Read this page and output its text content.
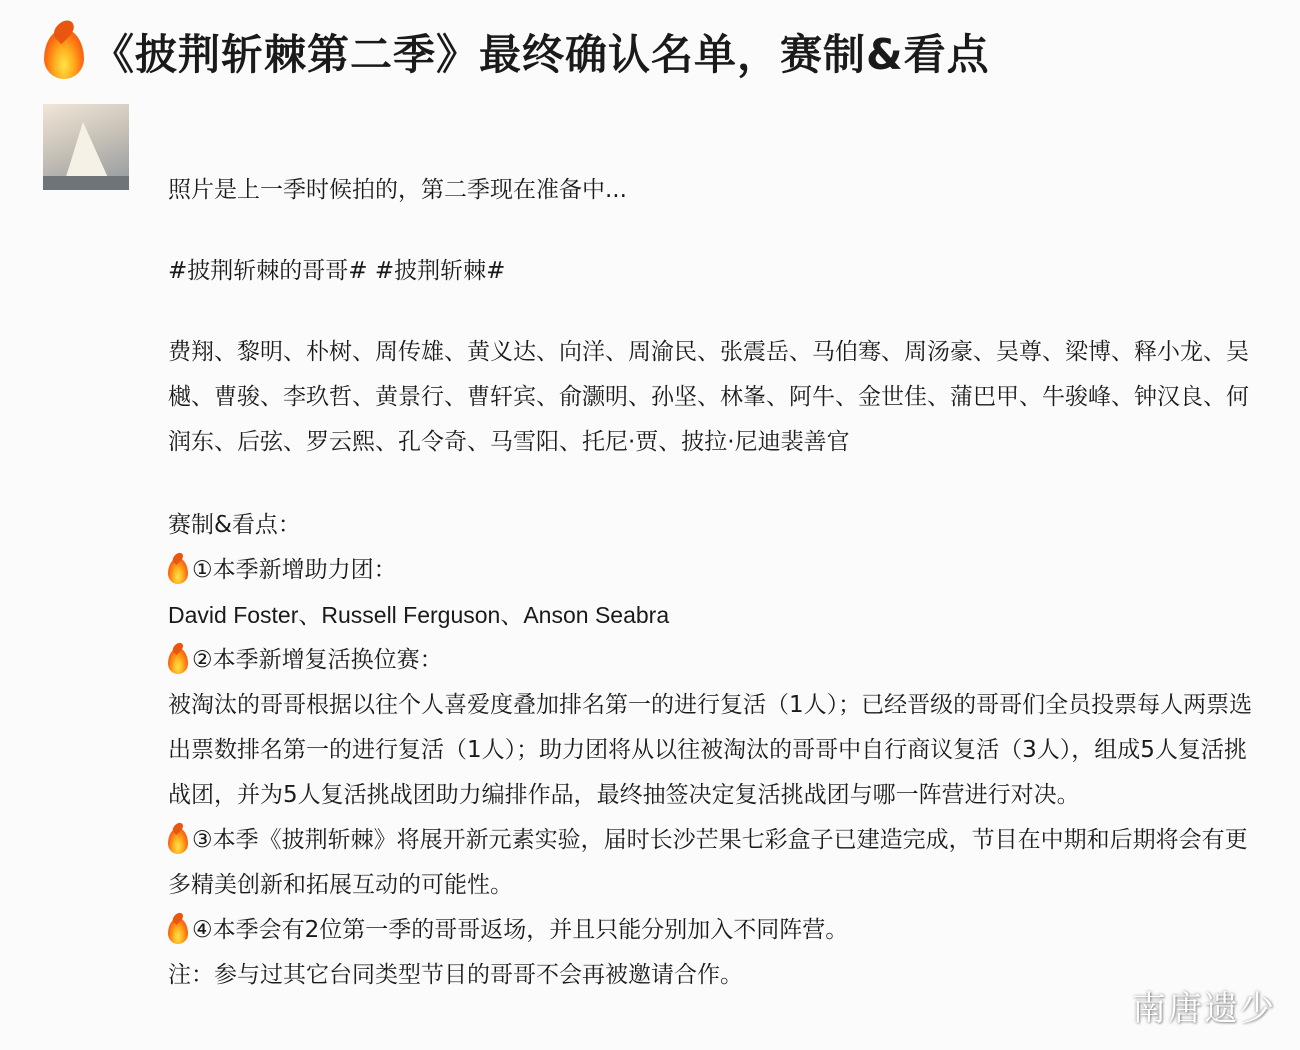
《披荆斩棘第二季》最终确认名单，赛制&看点

照片是上一季时候拍的，第二季现在准备中...

#披荆斩棘的哥哥# #披荆斩棘#

费翔、黎明、朴树、周传雄、黄义达、向洋、周渝民、张震岳、马伯骞、周汤豪、吴尊、梁博、释小龙、吴樾、曹骏、李玖哲、黄景行、曹轩宾、俞灏明、孙坚、林峯、阿牛、金世佳、蒲巴甲、牛骏峰、钟汉良、何润东、后弦、罗云熙、孔令奇、马雪阳、托尼·贾、披拉·尼迪裴善官

赛制&看点：

①本季新增助力团：

David Foster、Russell Ferguson、Anson Seabra

②本季新增复活换位赛：

被淘汰的哥哥根据以往个人喜爱度叠加排名第一的进行复活（1人）；已经晋级的哥哥们全员投票每人两票选出票数排名第一的进行复活（1人）；助力团将从以往被淘汰的哥哥中自行商议复活（3人），组成5人复活挑战团，并为5人复活挑战团助力编排作品，最终抽签决定复活挑战团与哪一阵营进行对决。

③本季《披荆斩棘》将展开新元素实验，届时长沙芒果七彩盒子已建造完成，节目在中期和后期将会有更多精美创新和拓展互动的可能性。

④本季会有2位第一季的哥哥返场，并且只能分别加入不同阵营。

注：参与过其它台同类型节目的哥哥不会再被邀请合作。

南唐遗少
